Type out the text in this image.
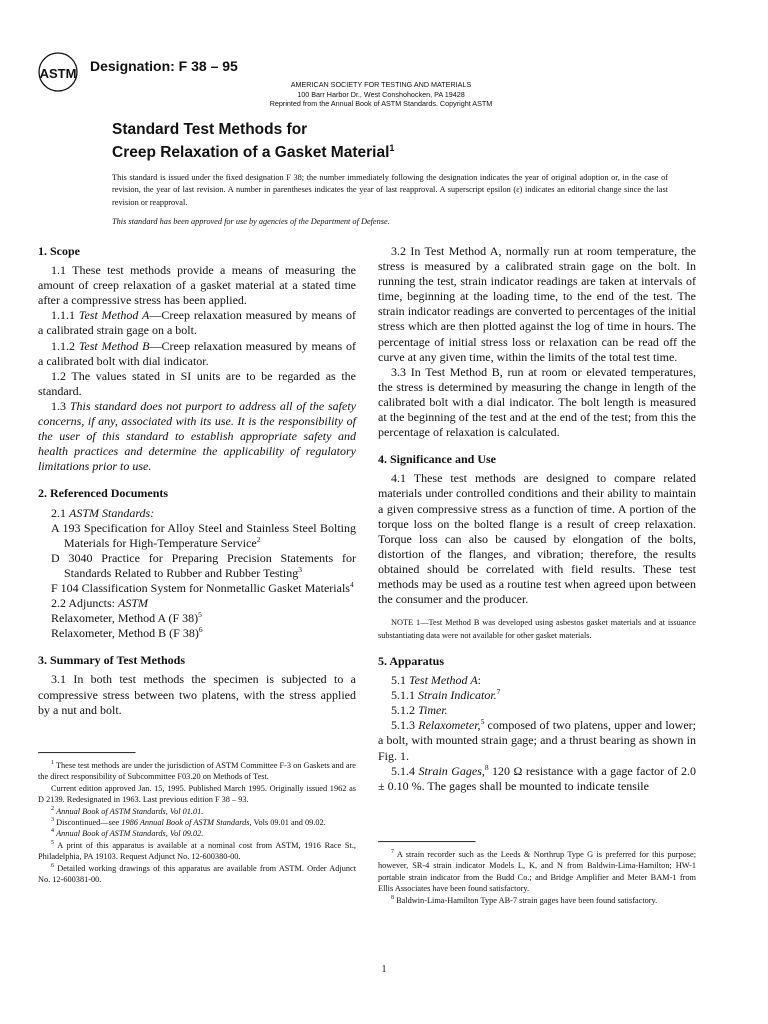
ASTM Designation: F 38 – 95
AMERICAN SOCIETY FOR TESTING AND MATERIALS
100 Barr Harbor Dr., West Conshohocken, PA 19428
Reprinted from the Annual Book of ASTM Standards. Copyright ASTM
Standard Test Methods for
Creep Relaxation of a Gasket Material$^1$
This standard is issued under the fixed designation F 38; the number immediately following the designation indicates the year of original adoption or, in the case of revision, the year of last revision. A number in parentheses indicates the year of last reapproval. A superscript epsilon (ε) indicates an editorial change since the last revision or reapproval.
This standard has been approved for use by agencies of the Department of Defense.
1. Scope

1.1 These test methods provide a means of measuring the amount of creep relaxation of a gasket material at a stated time after a compressive stress has been applied.

1.1.1 Test Method A—Creep relaxation measured by means of a calibrated strain gage on a bolt.

1.1.2 Test Method B—Creep relaxation measured by means of a calibrated bolt with dial indicator.

1.2 The values stated in SI units are to be regarded as the standard.

1.3 This standard does not purport to address all of the safety concerns, if any, associated with its use. It is the responsibility of the user of this standard to establish appropriate safety and health practices and determine the applicability of regulatory limitations prior to use.

2. Referenced Documents

2.1 ASTM Standards:

A 193 Specification for Alloy Steel and Stainless Steel Bolting Materials for High-Temperature Service$^2$

D 3040 Practice for Preparing Precision Statements for Standards Related to Rubber and Rubber Testing$^3$

F 104 Classification System for Nonmetallic Gasket Materials$^4$

2.2 Adjuncts: ASTM

Relaxometer, Method A (F 38)$^5$

Relaxometer, Method B (F 38)$^6$

3. Summary of Test Methods

3.1 In both test methods the specimen is subjected to a compressive stress between two platens, with the stress applied by a nut and bolt.

$^1$ These test methods are under the jurisdiction of ASTM Committee F-3 on Gaskets and are the direct responsibility of Subcommittee F03.20 on Methods of Test.

Current edition approved Jan. 15, 1995. Published March 1995. Originally issued 1962 as D 2139. Redesignated in 1963. Last previous edition F 38 – 93.

$^2$ Annual Book of ASTM Standards, Vol 01.01.

$^3$ Discontinued—see 1986 Annual Book of ASTM Standards, Vols 09.01 and 09.02.

$^4$ Annual Book of ASTM Standards, Vol 09.02.

$^5$ A print of this apparatus is available at a nominal cost from ASTM, 1916 Race St., Philadelphia, PA 19103. Request Adjunct No. 12-600380-00.

$^6$ Detailed working drawings of this apparatus are available from ASTM. Order Adjunct No. 12-600381-00.

3.2 In Test Method A, normally run at room temperature, the stress is measured by a calibrated strain gage on the bolt. In running the test, strain indicator readings are taken at intervals of time, beginning at the loading time, to the end of the test. The strain indicator readings are converted to percentages of the initial stress which are then plotted against the log of time in hours. The percentage of initial stress loss or relaxation can be read off the curve at any given time, within the limits of the total test time.

3.3 In Test Method B, run at room or elevated temperatures, the stress is determined by measuring the change in length of the calibrated bolt with a dial indicator. The bolt length is measured at the beginning of the test and at the end of the test; from this the percentage of relaxation is calculated.

4. Significance and Use

4.1 These test methods are designed to compare related materials under controlled conditions and their ability to maintain a given compressive stress as a function of time. A portion of the torque loss on the bolted flange is a result of creep relaxation. Torque loss can also be caused by elongation of the bolts, distortion of the flanges, and vibration; therefore, the results obtained should be correlated with field results. These test methods may be used as a routine test when agreed upon between the consumer and the producer.

NOTE 1—Test Method B was developed using asbestos gasket materials and at issuance substantiating data were not available for other gasket materials.

5. Apparatus

5.1 Test Method A:

5.1.1 Strain Indicator.$^7$

5.1.2 Timer.

5.1.3 Relaxometer,$^5$ composed of two platens, upper and lower; a bolt, with mounted strain gage; and a thrust bearing as shown in Fig. 1.

5.1.4 Strain Gages,$^8$ 120 Ω resistance with a gage factor of 2.0 ± 0.10 %. The gages shall be mounted to indicate tensile

$^7$ A strain recorder such as the Leeds & Northrup Type G is preferred for this purpose; however, SR-4 strain indicator Models L, K, and N from Baldwin-Lima-Hamilton; HW-1 portable strain indicator from the Budd Co.; and Bridge Amplifier and Meter BAM-1 from Ellis Associates have been found satisfactory.

$^8$ Baldwin-Lima-Hamilton Type AB-7 strain gages have been found satisfactory.

1
